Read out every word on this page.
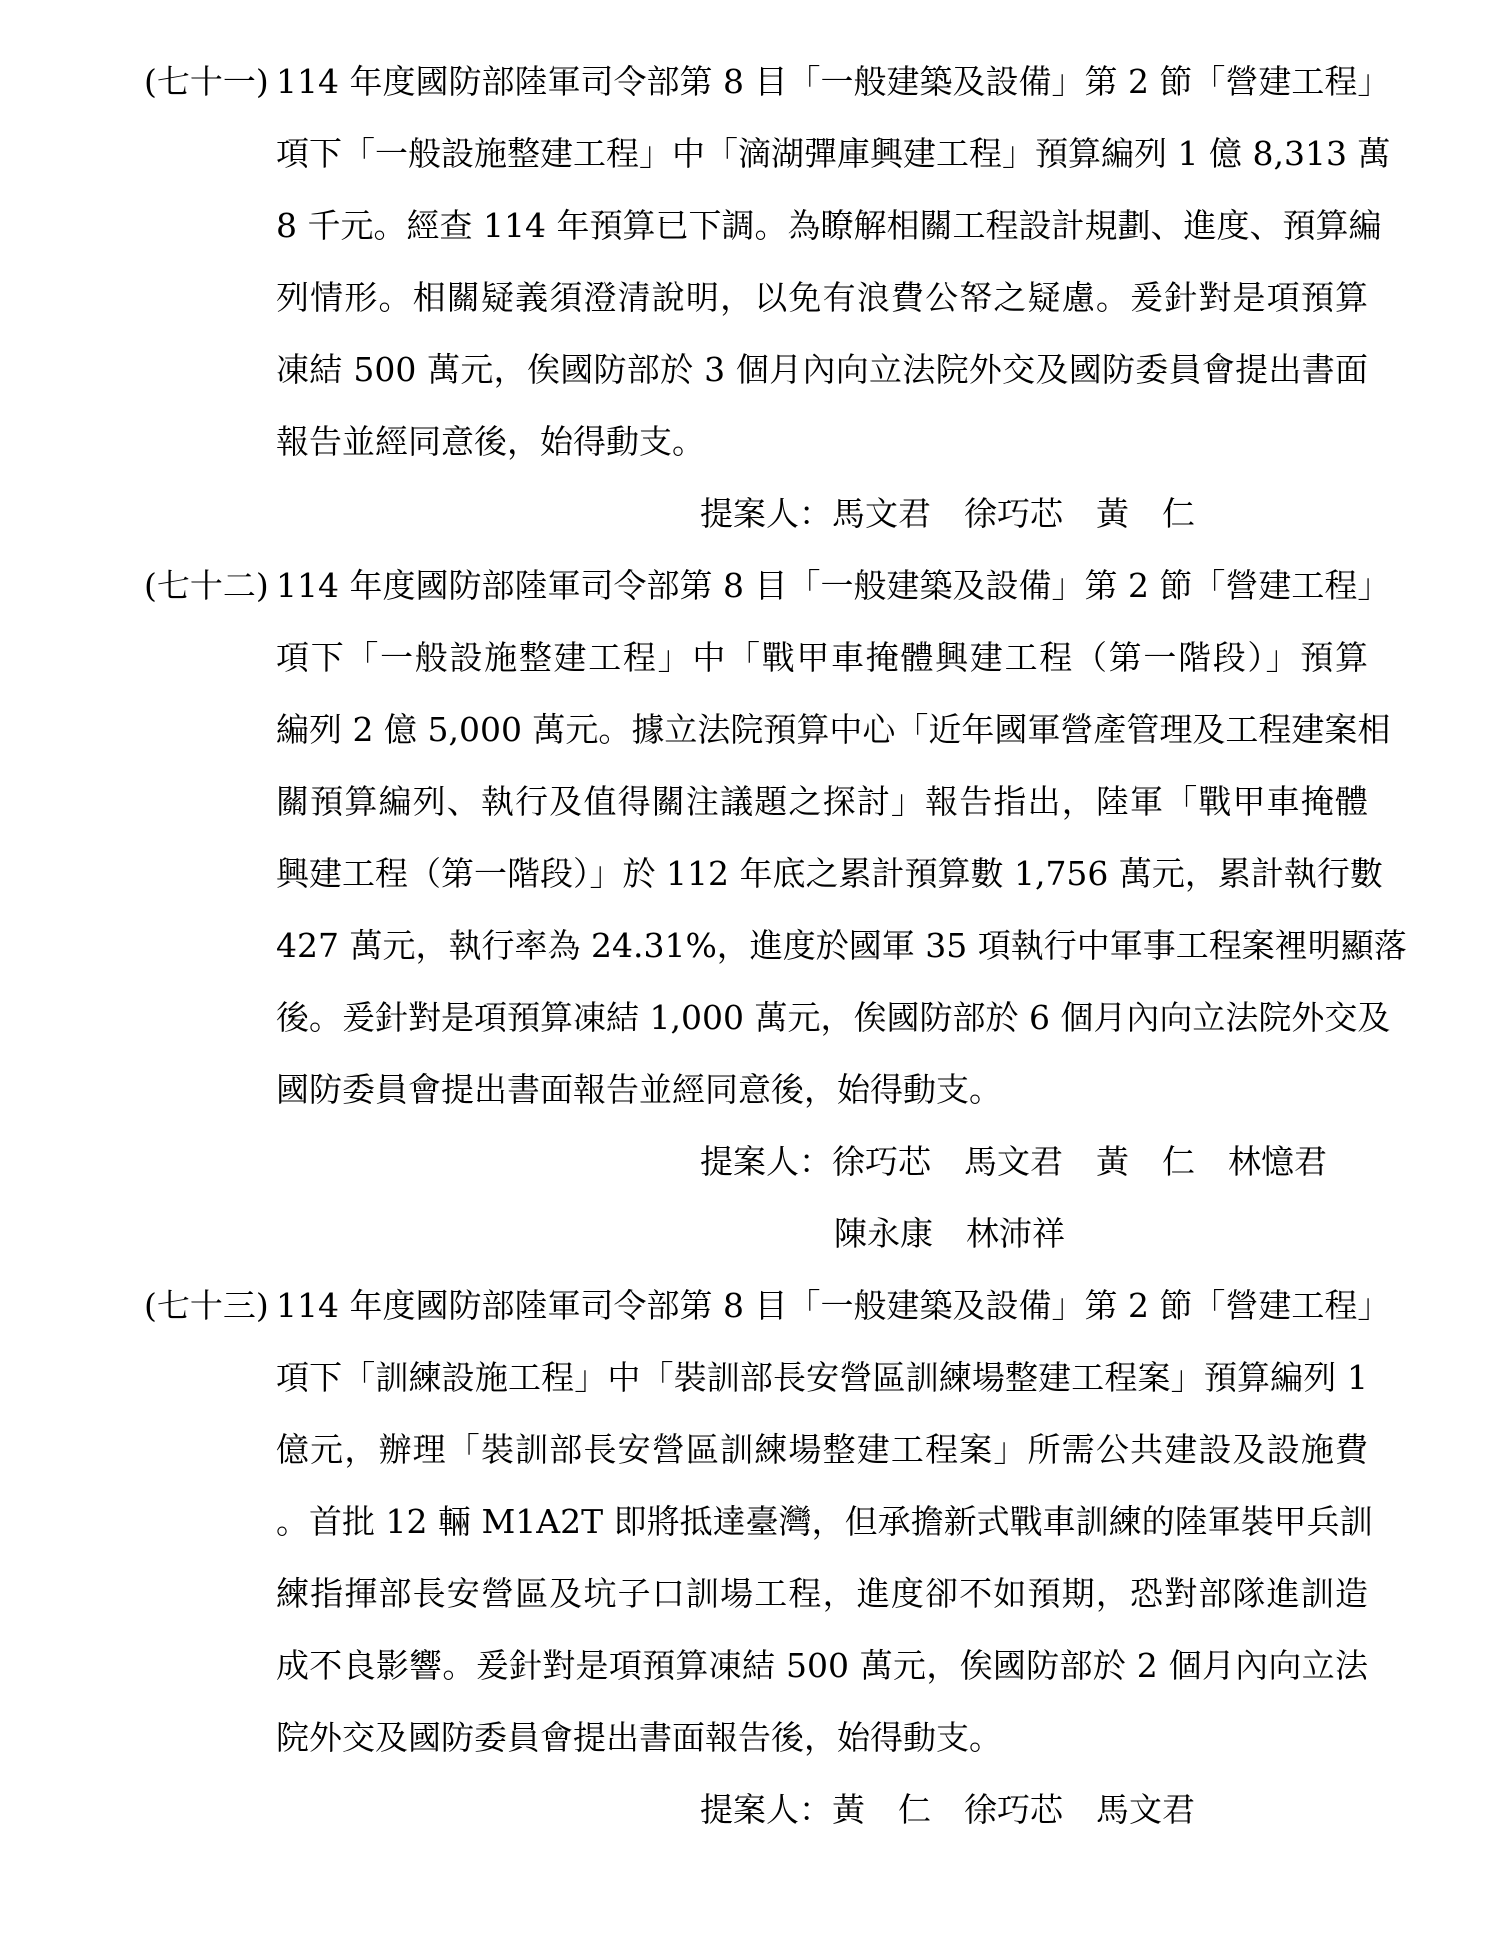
(七十一) 114 年度國防部陸軍司令部第 8 目「一般建築及設備」第 2 節「營建工程」
項下「一般設施整建工程」中「滴湖彈庫興建工程」預算編列 1 億 8,313 萬
8 千元。經查 114 年預算已下調。為瞭解相關工程設計規劃、進度、預算編
列情形。相關疑義須澄清說明，以免有浪費公帑之疑慮。爰針對是項預算
凍結 500 萬元，俟國防部於 3 個月內向立法院外交及國防委員會提出書面
報告並經同意後，始得動支。
提案人：馬文君　徐巧芯　黃　仁
(七十二) 114 年度國防部陸軍司令部第 8 目「一般建築及設備」第 2 節「營建工程」
項下「一般設施整建工程」中「戰甲車掩體興建工程（第一階段）」預算
編列 2 億 5,000 萬元。據立法院預算中心「近年國軍營產管理及工程建案相
關預算編列、執行及值得關注議題之探討」報告指出，陸軍「戰甲車掩體
興建工程（第一階段）」於 112 年底之累計預算數 1,756 萬元，累計執行數
427 萬元，執行率為 24.31%，進度於國軍 35 項執行中軍事工程案裡明顯落
後。爰針對是項預算凍結 1,000 萬元，俟國防部於 6 個月內向立法院外交及
國防委員會提出書面報告並經同意後，始得動支。
提案人：徐巧芯　馬文君　黃　仁　林憶君
陳永康　林沛祥
(七十三) 114 年度國防部陸軍司令部第 8 目「一般建築及設備」第 2 節「營建工程」
項下「訓練設施工程」中「裝訓部長安營區訓練場整建工程案」預算編列 1
億元，辦理「裝訓部長安營區訓練場整建工程案」所需公共建設及設施費
。首批 12 輛 M1A2T 即將抵達臺灣，但承擔新式戰車訓練的陸軍裝甲兵訓
練指揮部長安營區及坑子口訓場工程，進度卻不如預期，恐對部隊進訓造
成不良影響。爰針對是項預算凍結 500 萬元，俟國防部於 2 個月內向立法
院外交及國防委員會提出書面報告後，始得動支。
提案人：黃　仁　徐巧芯　馬文君
